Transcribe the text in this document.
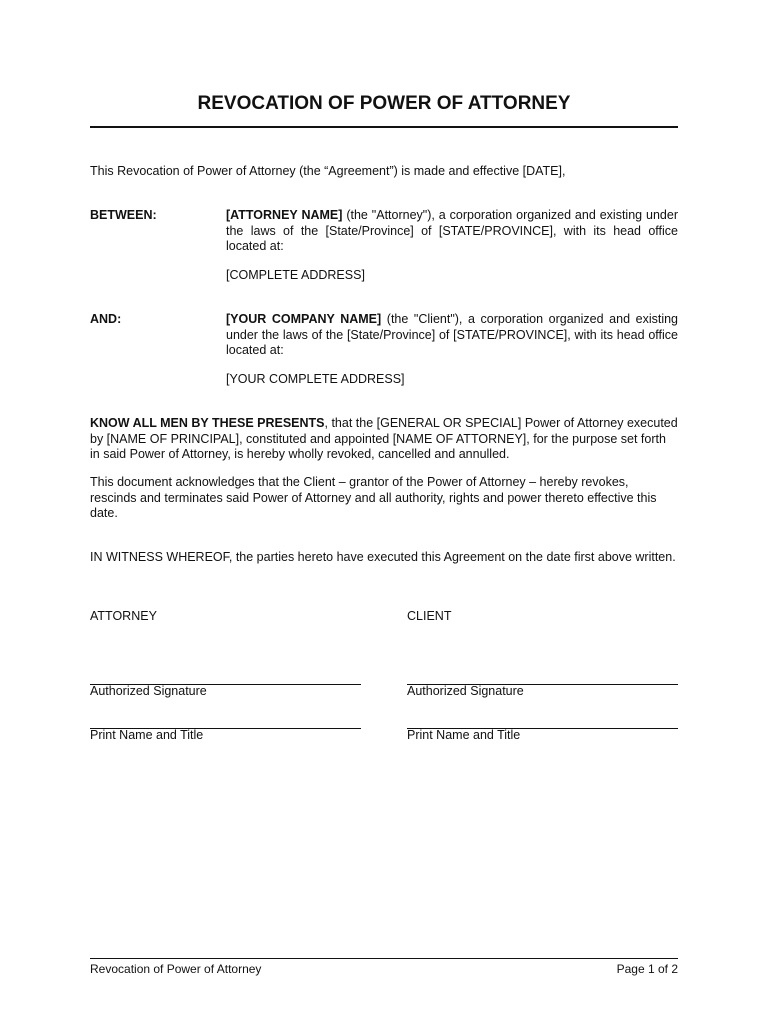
REVOCATION OF POWER OF ATTORNEY
This Revocation of Power of Attorney (the “Agreement”) is made and effective [DATE],
BETWEEN:	[ATTORNEY NAME] (the "Attorney"), a corporation organized and existing under the laws of the [State/Province] of [STATE/PROVINCE], with its head office located at:
[COMPLETE ADDRESS]
AND:	[YOUR COMPANY NAME] (the "Client"), a corporation organized and existing under the laws of the [State/Province] of [STATE/PROVINCE], with its head office located at:
[YOUR COMPLETE ADDRESS]
KNOW ALL MEN BY THESE PRESENTS, that the [GENERAL OR SPECIAL] Power of Attorney executed by [NAME OF PRINCIPAL], constituted and appointed [NAME OF ATTORNEY], for the purpose set forth in said Power of Attorney, is hereby wholly revoked, cancelled and annulled.
This document acknowledges that the Client – grantor of the Power of Attorney – hereby revokes, rescinds and terminates said Power of Attorney and all authority, rights and power thereto effective this date.
IN WITNESS WHEREOF, the parties hereto have executed this Agreement on the date first above written.
ATTORNEY	CLIENT
Authorized Signature	Authorized Signature
Print Name and Title	Print Name and Title
Revocation of Power of Attorney	Page 1 of 2
